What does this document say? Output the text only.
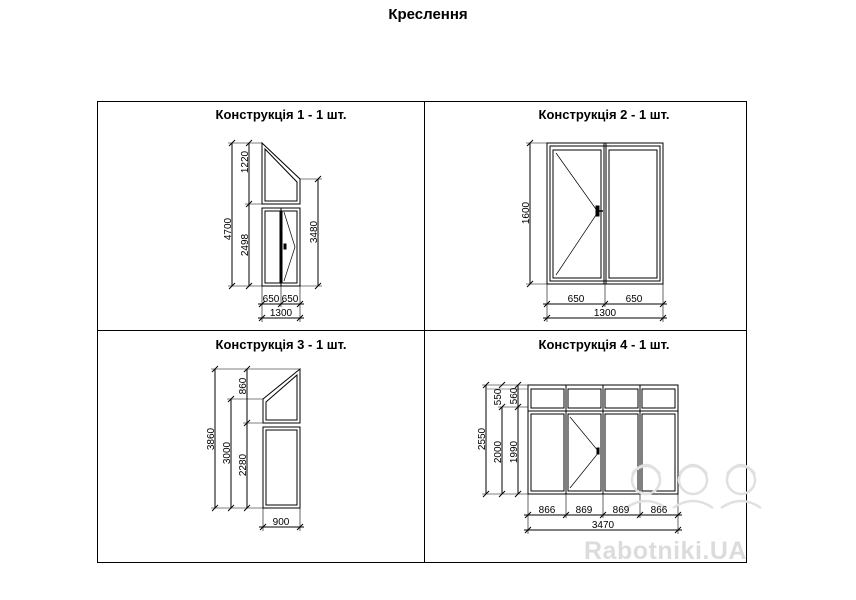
Креслення
Конструкція 1 - 1 шт.	Конструкція 2 - 1 шт.
Конструкція 3 - 1 шт.	Конструкція 4 - 1 шт.
4700
1220
2498
3480
650 650
1300
1600
650	650
1300
3860
3000
860
2280
900
2550
2000
550 560
1990
866 869 869 866
3470
Rabotniki.UA
